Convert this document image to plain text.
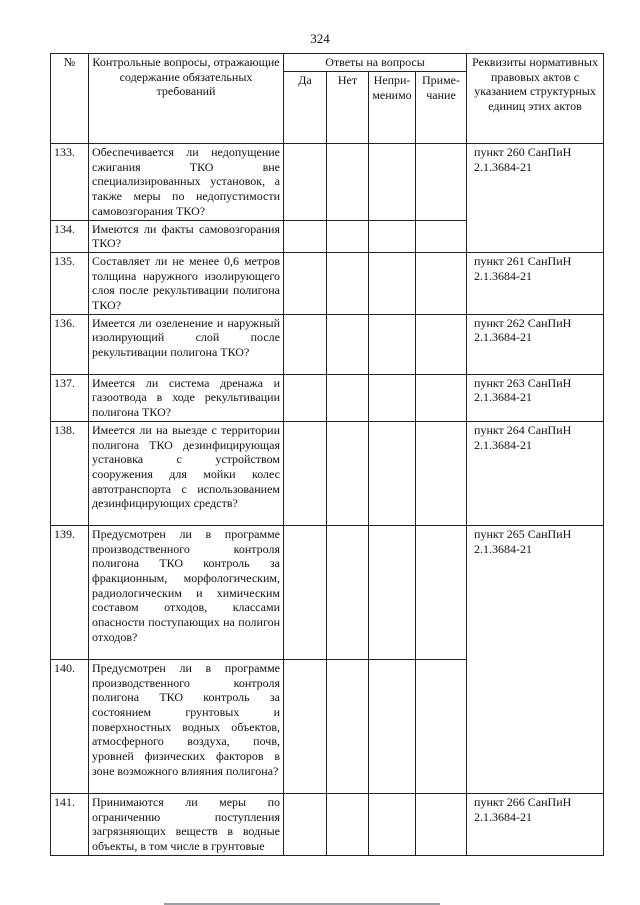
324
№	Контрольные вопросы, отражающие содержание обязательных требований	Ответы на вопросы				Реквизиты нормативных правовых актов с указанием структурных единиц этих актов
		Да	Нет	Непри-менимо	Приме-чание	
133.	Обеспечивается ли недопущение сжигания ТКО вне специализированных установок, а также меры по недопустимости самовозгорания ТКО?					пункт 260 СанПиН 2.1.3684-21
134.	Имеются ли факты самовозгорания ТКО?					
135.	Составляет ли не менее 0,6 метров толщина наружного изолирующего слоя после рекультивации полигона ТКО?					пункт 261 СанПиН 2.1.3684-21
136.	Имеется ли озеленение и наружный изолирующий слой после рекультивации полигона ТКО?					пункт 262 СанПиН 2.1.3684-21
137.	Имеется ли система дренажа и газоотвода в ходе рекультивации полигона ТКО?					пункт 263 СанПиН 2.1.3684-21
138.	Имеется ли на выезде с территории полигона ТКО дезинфицирующая установка с устройством сооружения для мойки колес автотранспорта с использованием дезинфицирующих средств?					пункт 264 СанПиН 2.1.3684-21
139.	Предусмотрен ли в программе производственного контроля полигона ТКО контроль за фракционным, морфологическим, радиологическим и химическим составом отходов, классами опасности поступающих на полигон отходов?					пункт 265 СанПиН 2.1.3684-21
140.	Предусмотрен ли в программе производственного контроля полигона ТКО контроль за состоянием грунтовых и поверхностных водных объектов, атмосферного воздуха, почв, уровней физических факторов в зоне возможного влияния полигона?					
141.	Принимаются ли меры по ограничению поступления загрязняющих веществ в водные объекты, в том числе в грунтовые					пункт 266 СанПиН 2.1.3684-21
